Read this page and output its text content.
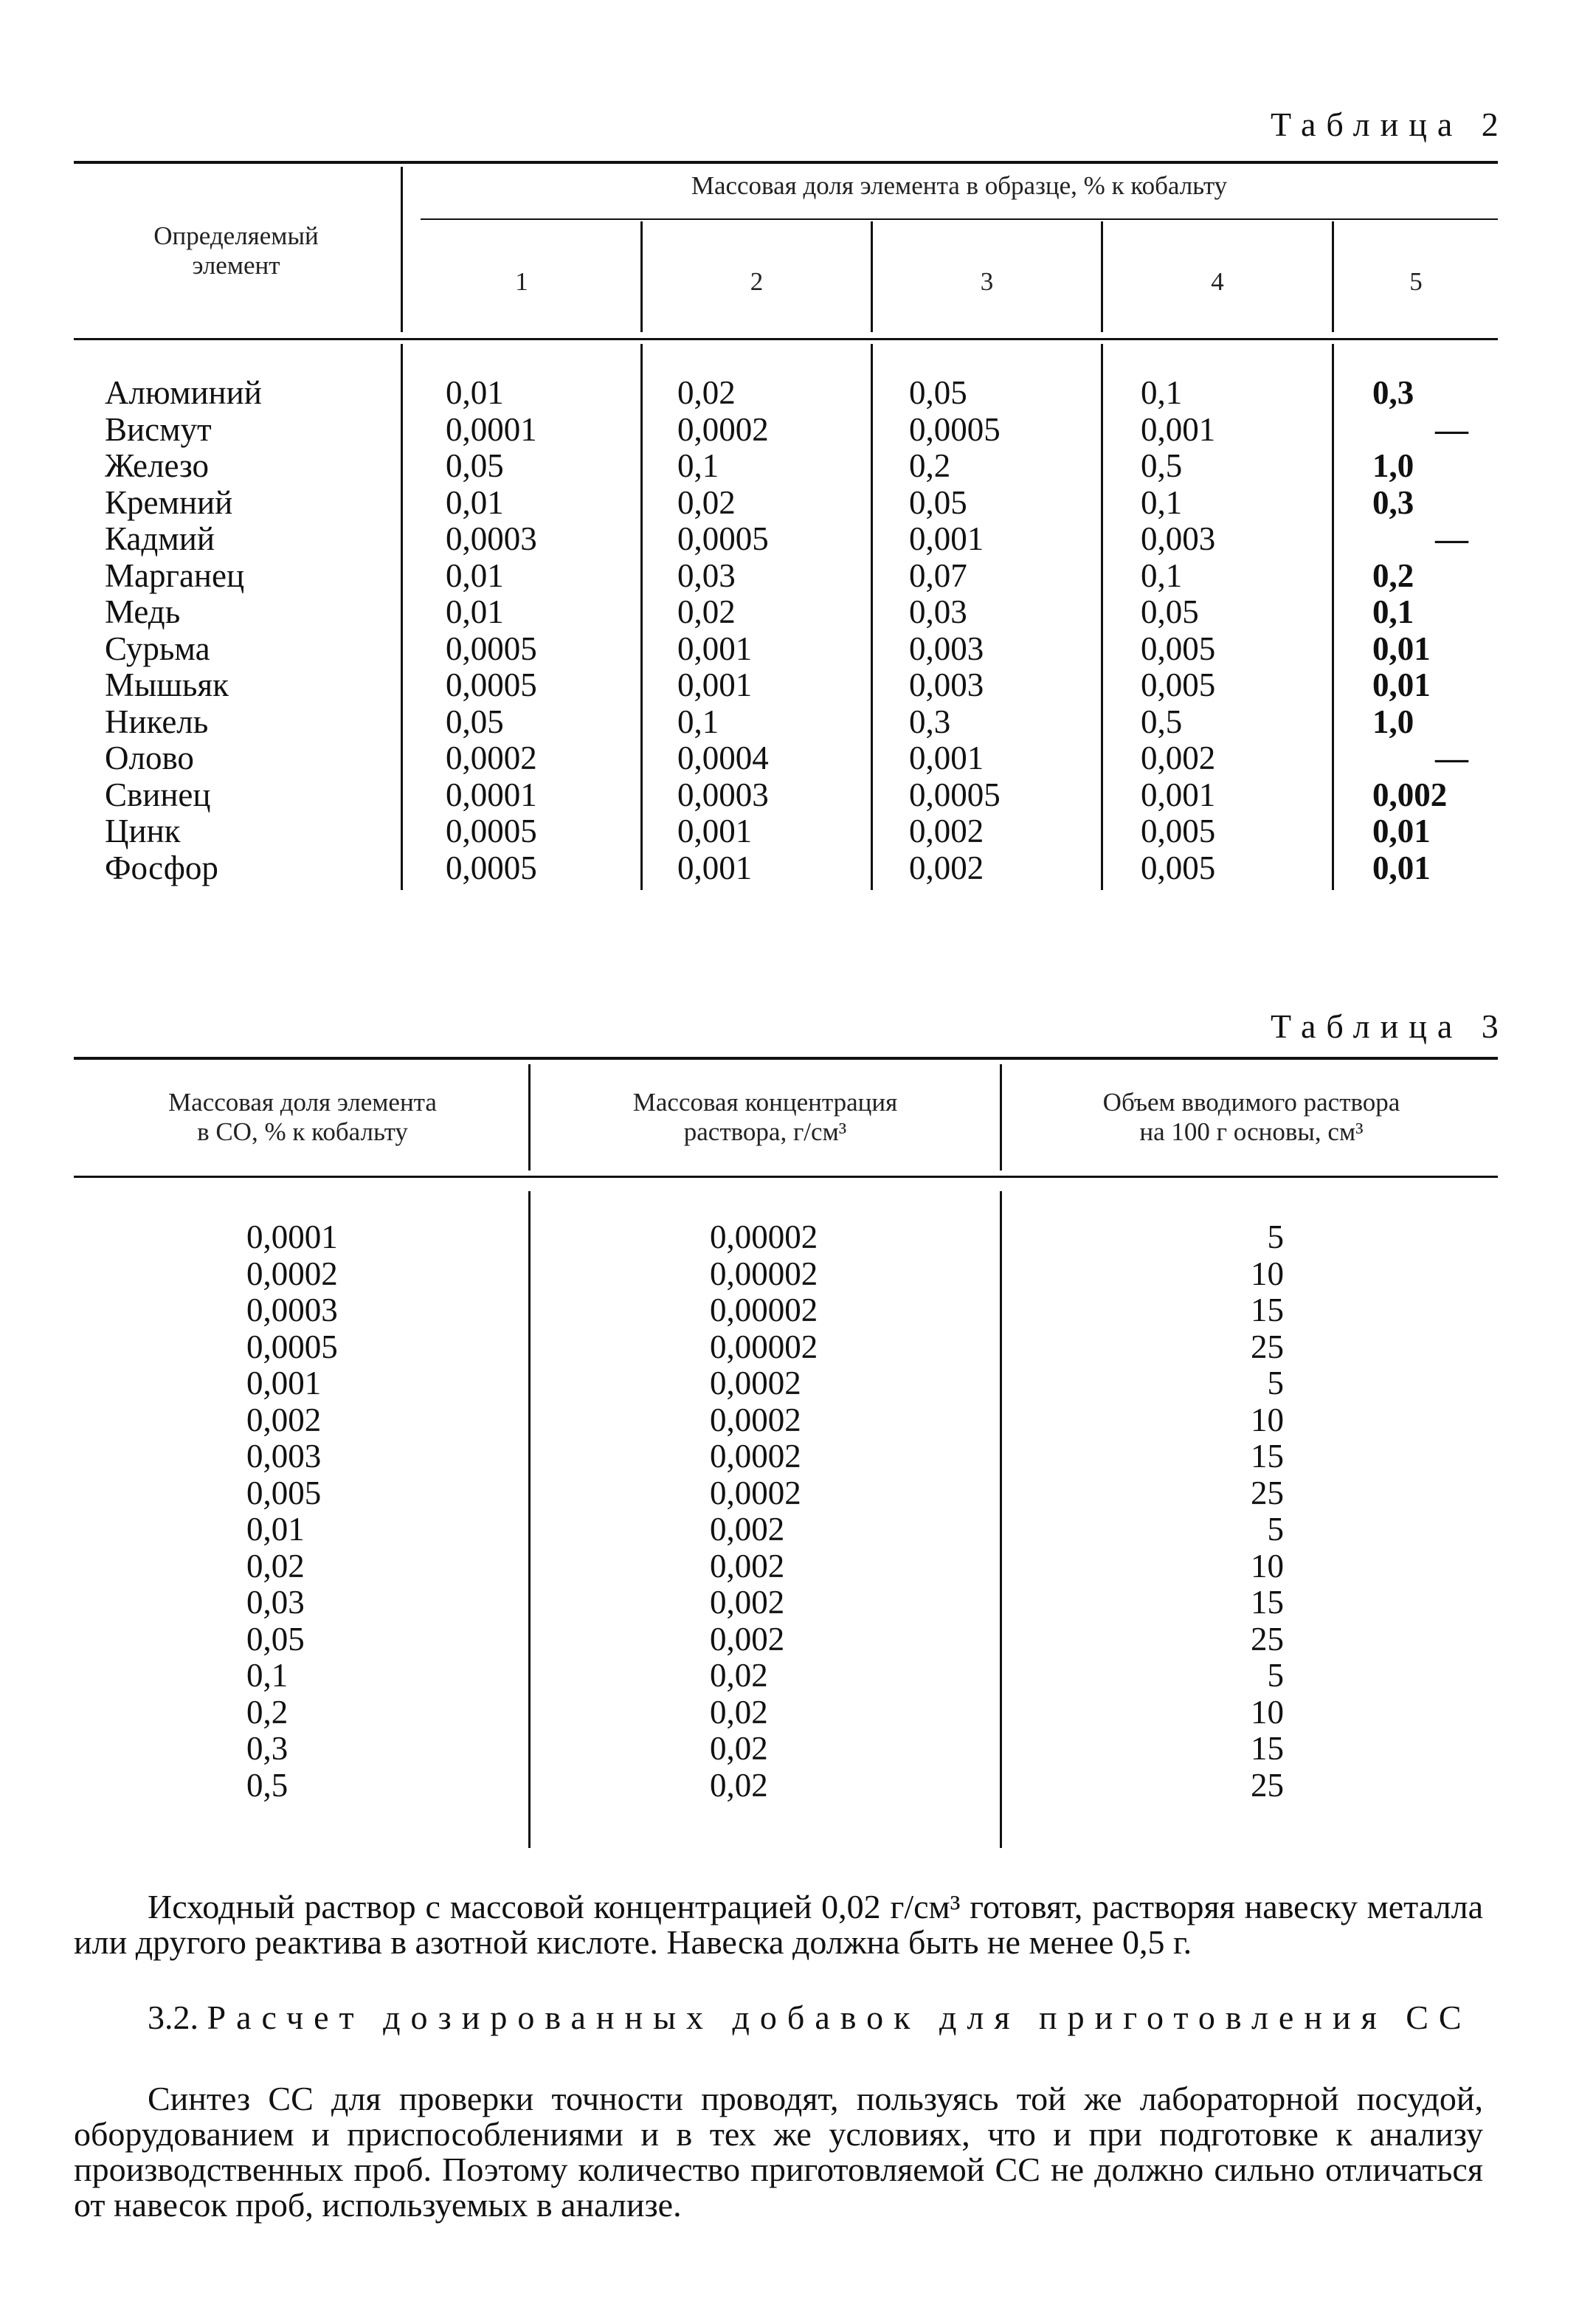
Таблица 2
Определяемый
элемент
Массовая доля элемента в образце, % к кобальту
1	2	3	4	5
Алюминий	0,01	0,02	0,05	0,1	0,3
Висмут	0,0001	0,0002	0,0005	0,001	—
Железо	0,05	0,1	0,2	0,5	1,0
Кремний	0,01	0,02	0,05	0,1	0,3
Кадмий	0,0003	0,0005	0,001	0,003	—
Марганец	0,01	0,03	0,07	0,1	0,2
Медь	0,01	0,02	0,03	0,05	0,1
Сурьма	0,0005	0,001	0,003	0,005	0,01
Мышьяк	0,0005	0,001	0,003	0,005	0,01
Никель	0,05	0,1	0,3	0,5	1,0
Олово	0,0002	0,0004	0,001	0,002	—
Свинец	0,0001	0,0003	0,0005	0,001	0,002
Цинк	0,0005	0,001	0,002	0,005	0,01
Фосфор	0,0005	0,001	0,002	0,005	0,01
Таблица 3
Массовая доля элемента
в СО, % к кобальту
Массовая концентрация
раствора, г/см³
Объем вводимого раствора
на 100 г основы, см³
0,0001	0,00002	5
0,0002	0,00002	10
0,0003	0,00002	15
0,0005	0,00002	25
0,001	0,0002	5
0,002	0,0002	10
0,003	0,0002	15
0,005	0,0002	25
0,01	0,002	5
0,02	0,002	10
0,03	0,002	15
0,05	0,002	25
0,1	0,02	5
0,2	0,02	10
0,3	0,02	15
0,5	0,02	25
Исходный раствор с массовой концентрацией 0,02 г/см³ готовят, растворяя навеску металла или другого реактива в азотной кислоте. Навеска должна быть не менее 0,5 г.
3.2. Расчет дозированных добавок для приготовления СС
Синтез СС для проверки точности проводят, пользуясь той же лабораторной посудой, оборудованием и приспособлениями и в тех же условиях, что и при подготовке к анализу производственных проб. Поэтому количество приготовляемой СС не должно сильно отличаться от навесок проб, используемых в анализе.
